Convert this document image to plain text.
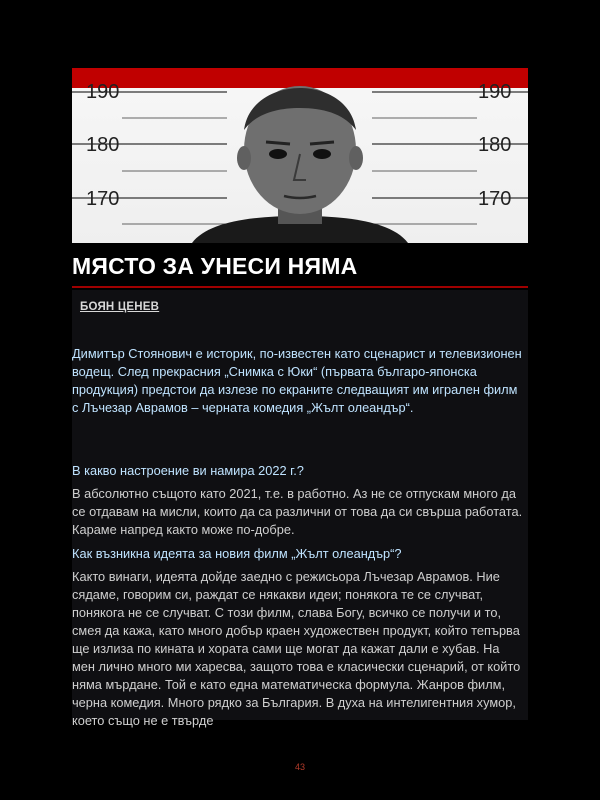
190
180
170
190
180
170
МЯСТО ЗА УНЕСИ НЯМА

БОЯН ЦЕНЕВ

Димитър Стоянович е историк, по-известен като сценарист и телевизионен водещ. След прекрасния „Снимка с Юки“ (първата българо-японска продукция) предстои да излезе по екраните следващият им игрален филм с Лъчезар Аврамов – черната комедия „Жълт олеандър“.

В какво настроение ви намира 2022 г.?

В абсолютно същото като 2021, т.е. в работно. Аз не се отпускам много да се отдавам на мисли, които да са различни от това да си свърша работата. Караме напред както може по-добре.

Как възникна идеята за новия филм „Жълт олеандър“?

Както винаги, идеята дойде заедно с режисьора Лъчезар Аврамов. Ние сядаме, говорим си, раждат се някакви идеи; понякога те се случват, понякога не се случват. С този филм, слава Богу, всичко се получи и то, смея да кажа, като много добър краен художествен продукт, който тепърва ще излиза по кината и хората сами ще могат да кажат дали е хубав. На мен лично много ми харесва, защото това е класически сценарий, от който няма мърдане. Той е като една математическа формула. Жанров филм, черна комедия. Много рядко за България. В духа на интелигентния хумор, което също не е твърде

43
